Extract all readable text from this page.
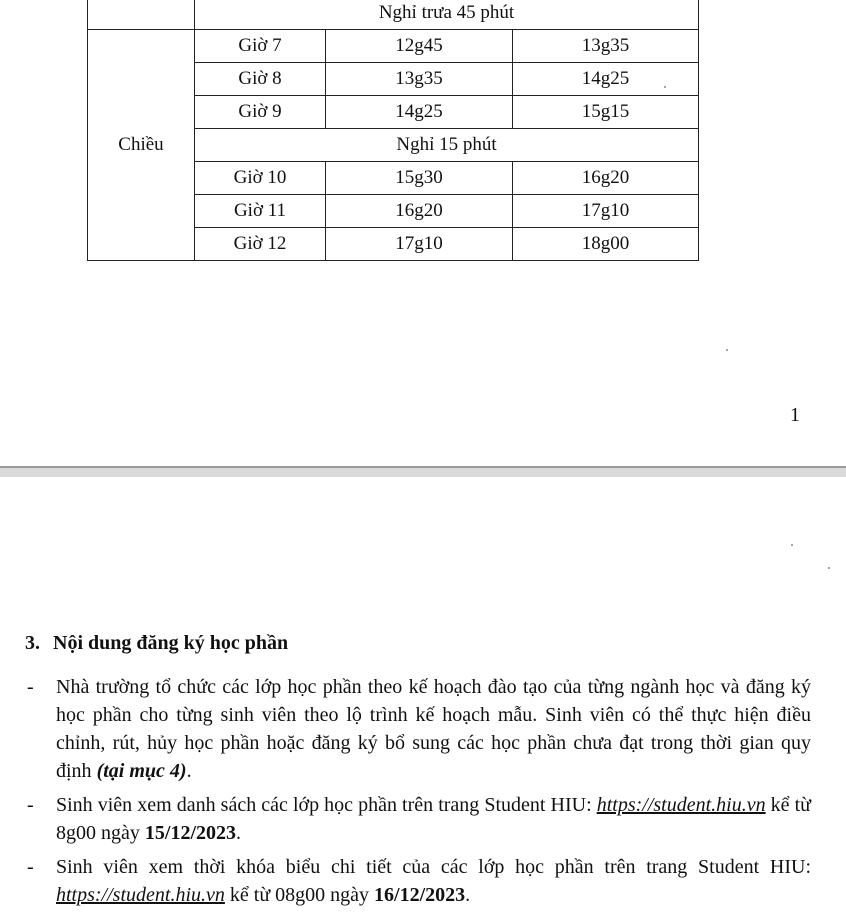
	Nghỉ trưa 45 phút		
Chiều	Giờ 7	12g45	13g35
	Giờ 8	13g35	14g25
	Giờ 9	14g25	15g15
	Nghỉ 15 phút		
	Giờ 10	15g30	16g20
	Giờ 11	16g20	17g10
	Giờ 12	17g10	18g00
1
3. Nội dung đăng ký học phần
- Nhà trường tổ chức các lớp học phần theo kế hoạch đào tạo của từng ngành học và đăng ký học phần cho từng sinh viên theo lộ trình kế hoạch mẫu. Sinh viên có thể thực hiện điều chỉnh, rút, hủy học phần hoặc đăng ký bổ sung các học phần chưa đạt trong thời gian quy định (tại mục 4).
- Sinh viên xem danh sách các lớp học phần trên trang Student HIU: https://student.hiu.vn kể từ 8g00 ngày 15/12/2023.
- Sinh viên xem thời khóa biểu chi tiết của các lớp học phần trên trang Student HIU: https://student.hiu.vn kể từ 08g00 ngày 16/12/2023.
